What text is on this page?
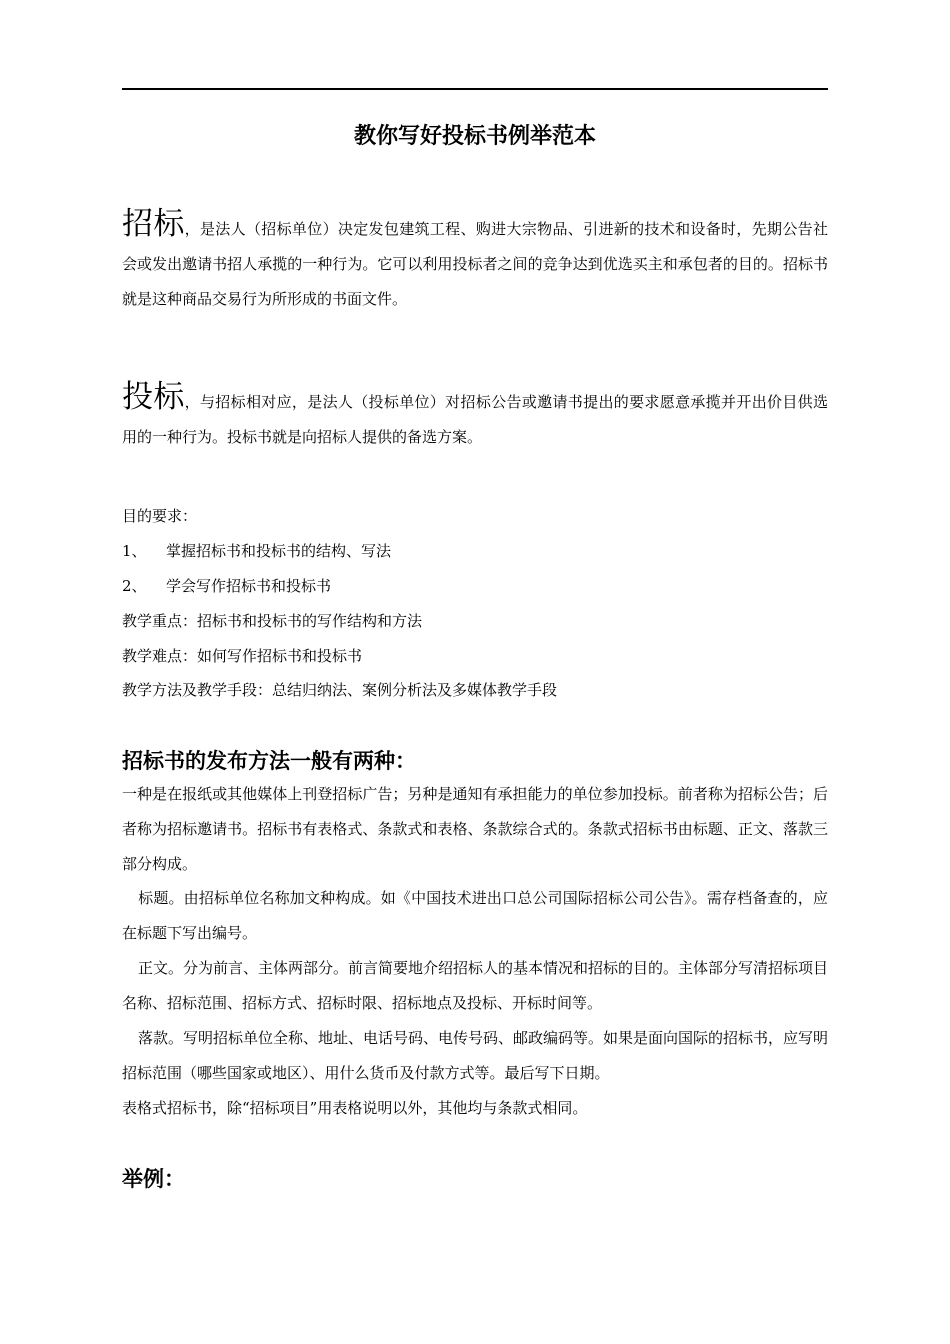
教你写好投标书例举范本
招标，是法人（招标单位）决定发包建筑工程、购进大宗物品、引进新的技术和设备时，先期公告社会或发出邀请书招人承揽的一种行为。它可以利用投标者之间的竞争达到优选买主和承包者的目的。招标书就是这种商品交易行为所形成的书面文件。
投标，与招标相对应，是法人（投标单位）对招标公告或邀请书提出的要求愿意承揽并开出价目供选用的一种行为。投标书就是向招标人提供的备选方案。
目的要求：
1、 掌握招标书和投标书的结构、写法
2、 学会写作招标书和投标书
教学重点：招标书和投标书的写作结构和方法
教学难点：如何写作招标书和投标书
教学方法及教学手段：总结归纳法、案例分析法及多媒体教学手段
招标书的发布方法一般有两种：
一种是在报纸或其他媒体上刊登招标广告；另种是通知有承担能力的单位参加投标。前者称为招标公告；后者称为招标邀请书。招标书有表格式、条款式和表格、条款综合式的。条款式招标书由标题、正文、落款三部分构成。
标题。由招标单位名称加文种构成。如《中国技术进出口总公司国际招标公司公告》。需存档备查的，应在标题下写出编号。
正文。分为前言、主体两部分。前言简要地介绍招标人的基本情况和招标的目的。主体部分写清招标项目名称、招标范围、招标方式、招标时限、招标地点及投标、开标时间等。
落款。写明招标单位全称、地址、电话号码、电传号码、邮政编码等。如果是面向国际的招标书，应写明招标范围（哪些国家或地区）、用什么货币及付款方式等。最后写下日期。
表格式招标书，除“招标项目”用表格说明以外，其他均与条款式相同。
举例：
